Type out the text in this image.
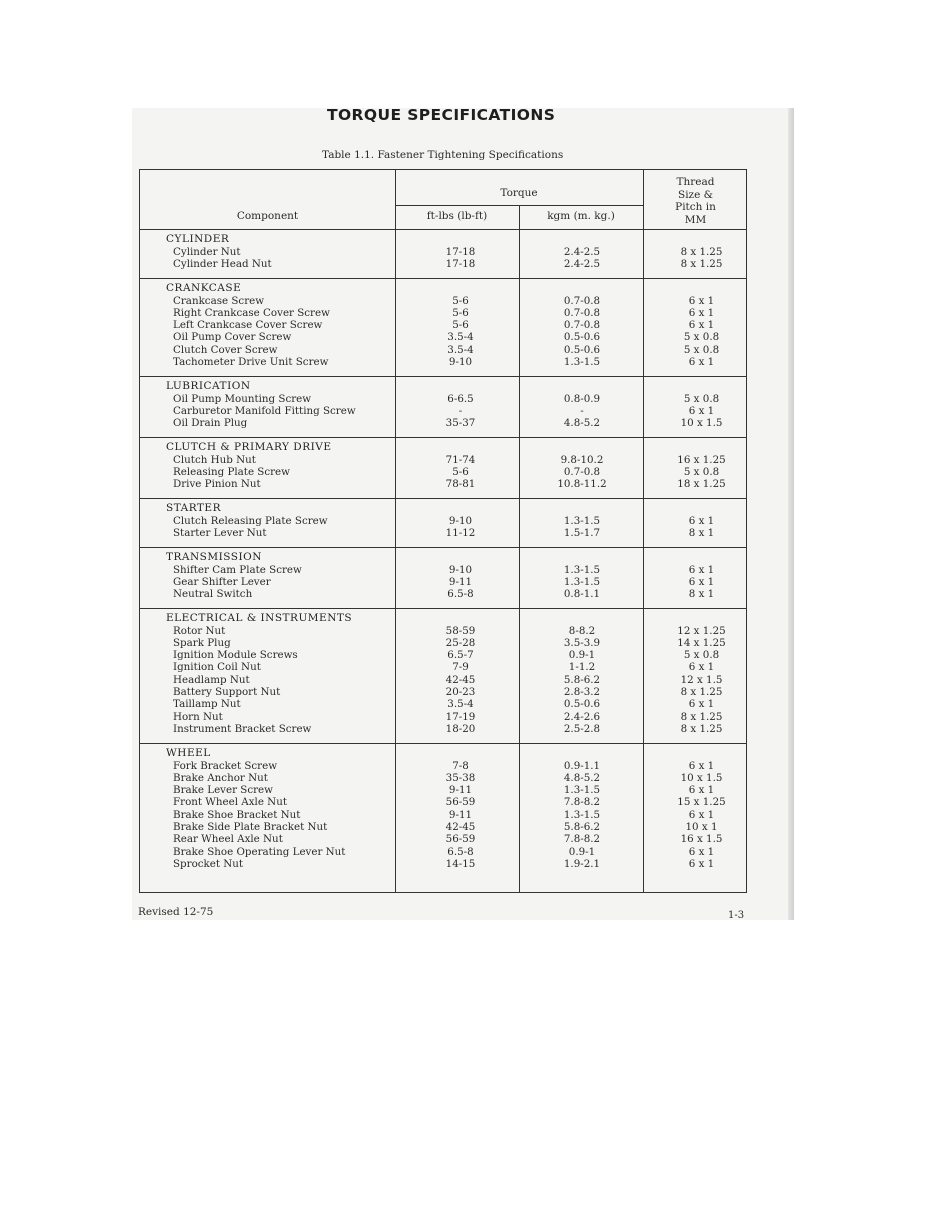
TORQUE SPECIFICATIONS
Table 1.1. Fastener Tightening Specifications
Component
Torque
ft-lbs (lb-ft)	kgm (m. kg.)
Thread Size & Pitch in MM
CYLINDER
Cylinder Nut	17-18	2.4-2.5	8 x 1.25
Cylinder Head Nut	17-18	2.4-2.5	8 x 1.25
CRANKCASE
Crankcase Screw	5-6	0.7-0.8	6 x 1
Right Crankcase Cover Screw	5-6	0.7-0.8	6 x 1
Left Crankcase Cover Screw	5-6	0.7-0.8	6 x 1
Oil Pump Cover Screw	3.5-4	0.5-0.6	5 x 0.8
Clutch Cover Screw	3.5-4	0.5-0.6	5 x 0.8
Tachometer Drive Unit Screw	9-10	1.3-1.5	6 x 1
LUBRICATION
Oil Pump Mounting Screw	6-6.5	0.8-0.9	5 x 0.8
Carburetor Manifold Fitting Screw	-	-	6 x 1
Oil Drain Plug	35-37	4.8-5.2	10 x 1.5
CLUTCH & PRIMARY DRIVE
Clutch Hub Nut	71-74	9.8-10.2	16 x 1.25
Releasing Plate Screw	5-6	0.7-0.8	5 x 0.8
Drive Pinion Nut	78-81	10.8-11.2	18 x 1.25
STARTER
Clutch Releasing Plate Screw	9-10	1.3-1.5	6 x 1
Starter Lever Nut	11-12	1.5-1.7	8 x 1
TRANSMISSION
Shifter Cam Plate Screw	9-10	1.3-1.5	6 x 1
Gear Shifter Lever	9-11	1.3-1.5	6 x 1
Neutral Switch	6.5-8	0.8-1.1	8 x 1
ELECTRICAL & INSTRUMENTS
Rotor Nut	58-59	8-8.2	12 x 1.25
Spark Plug	25-28	3.5-3.9	14 x 1.25
Ignition Module Screws	6.5-7	0.9-1	5 x 0.8
Ignition Coil Nut	7-9	1-1.2	6 x 1
Headlamp Nut	42-45	5.8-6.2	12 x 1.5
Battery Support Nut	20-23	2.8-3.2	8 x 1.25
Taillamp Nut	3.5-4	0.5-0.6	6 x 1
Horn Nut	17-19	2.4-2.6	8 x 1.25
Instrument Bracket Screw	18-20	2.5-2.8	8 x 1.25
WHEEL
Fork Bracket Screw	7-8	0.9-1.1	6 x 1
Brake Anchor Nut	35-38	4.8-5.2	10 x 1.5
Brake Lever Screw	9-11	1.3-1.5	6 x 1
Front Wheel Axle Nut	56-59	7.8-8.2	15 x 1.25
Brake Shoe Bracket Nut	9-11	1.3-1.5	6 x 1
Brake Side Plate Bracket Nut	42-45	5.8-6.2	10 x 1
Rear Wheel Axle Nut	56-59	7.8-8.2	16 x 1.5
Brake Shoe Operating Lever Nut	6.5-8	0.9-1	6 x 1
Sprocket Nut	14-15	1.9-2.1	6 x 1
Revised 12-75	1-3
